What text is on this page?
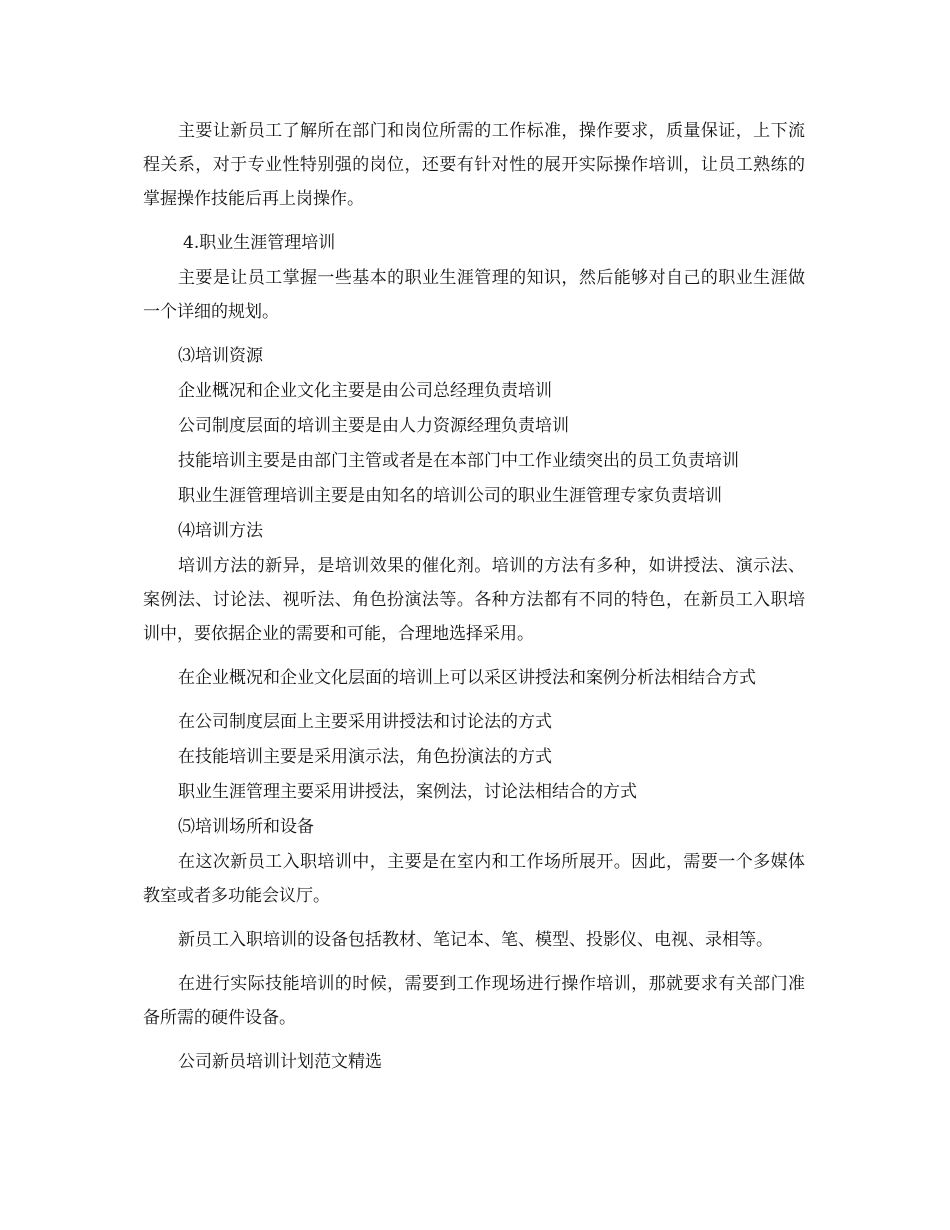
主要让新员工了解所在部门和岗位所需的工作标准，操作要求，质量保证，上下流程关系，对于专业性特别强的岗位，还要有针对性的展开实际操作培训，让员工熟练的掌握操作技能后再上岗操作。

4.职业生涯管理培训

主要是让员工掌握一些基本的职业生涯管理的知识，然后能够对自己的职业生涯做一个详细的规划。

⑶培训资源

企业概况和企业文化主要是由公司总经理负责培训

公司制度层面的培训主要是由人力资源经理负责培训

技能培训主要是由部门主管或者是在本部门中工作业绩突出的员工负责培训

职业生涯管理培训主要是由知名的培训公司的职业生涯管理专家负责培训

⑷培训方法

培训方法的新异，是培训效果的催化剂。培训的方法有多种，如讲授法、演示法、案例法、讨论法、视听法、角色扮演法等。各种方法都有不同的特色，在新员工入职培训中，要依据企业的需要和可能，合理地选择采用。

在企业概况和企业文化层面的培训上可以采区讲授法和案例分析法相结合方式

在公司制度层面上主要采用讲授法和讨论法的方式

在技能培训主要是采用演示法，角色扮演法的方式

职业生涯管理主要采用讲授法，案例法，讨论法相结合的方式

⑸培训场所和设备

在这次新员工入职培训中，主要是在室内和工作场所展开。因此，需要一个多媒体教室或者多功能会议厅。

新员工入职培训的设备包括教材、笔记本、笔、模型、投影仪、电视、录相等。

在进行实际技能培训的时候，需要到工作现场进行操作培训，那就要求有关部门准备所需的硬件设备。

公司新员培训计划范文精选
